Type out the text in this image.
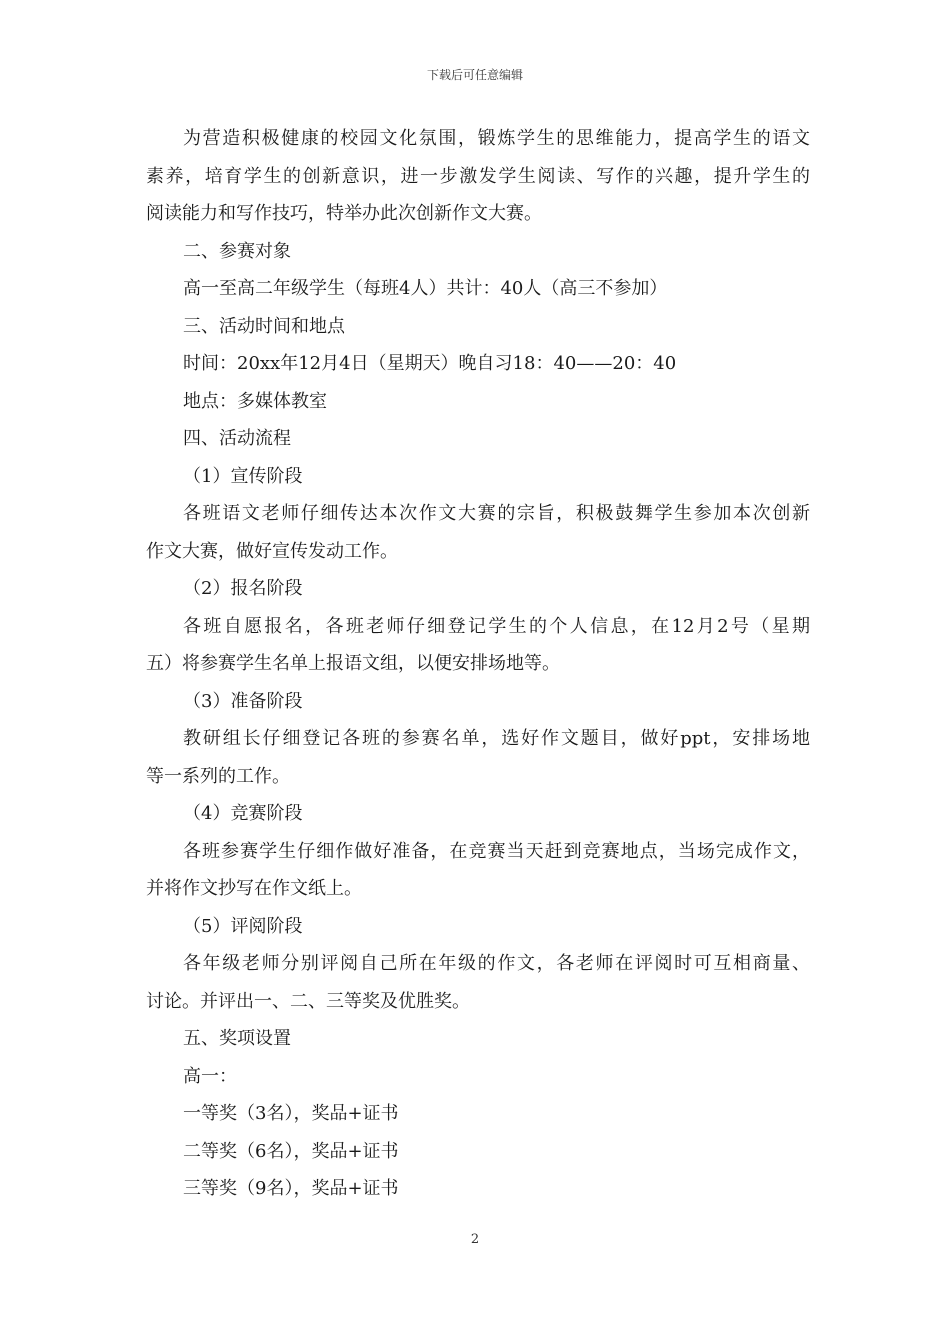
下载后可任意编辑
为营造积极健康的校园文化氛围，锻炼学生的思维能力，提高学生的语文
素养，培育学生的创新意识，进一步激发学生阅读、写作的兴趣，提升学生的
阅读能力和写作技巧，特举办此次创新作文大赛。
二、参赛对象
高一至高二年级学生（每班4人）共计：40人（高三不参加）
三、活动时间和地点
时间：20xx年12月4日（星期天）晚自习18：40——20：40
地点：多媒体教室
四、活动流程
（1）宣传阶段
各班语文老师仔细传达本次作文大赛的宗旨，积极鼓舞学生参加本次创新
作文大赛，做好宣传发动工作。
（2）报名阶段
各班自愿报名，各班老师仔细登记学生的个人信息，在12月2号（星期
五）将参赛学生名单上报语文组，以便安排场地等。
（3）准备阶段
教研组长仔细登记各班的参赛名单，选好作文题目，做好ppt，安排场地
等一系列的工作。
（4）竞赛阶段
各班参赛学生仔细作做好准备，在竞赛当天赶到竞赛地点，当场完成作文，
并将作文抄写在作文纸上。
（5）评阅阶段
各年级老师分别评阅自己所在年级的作文，各老师在评阅时可互相商量、
讨论。并评出一、二、三等奖及优胜奖。
五、奖项设置
高一：
一等奖（3名），奖品+证书
二等奖（6名），奖品+证书
三等奖（9名），奖品+证书
2
